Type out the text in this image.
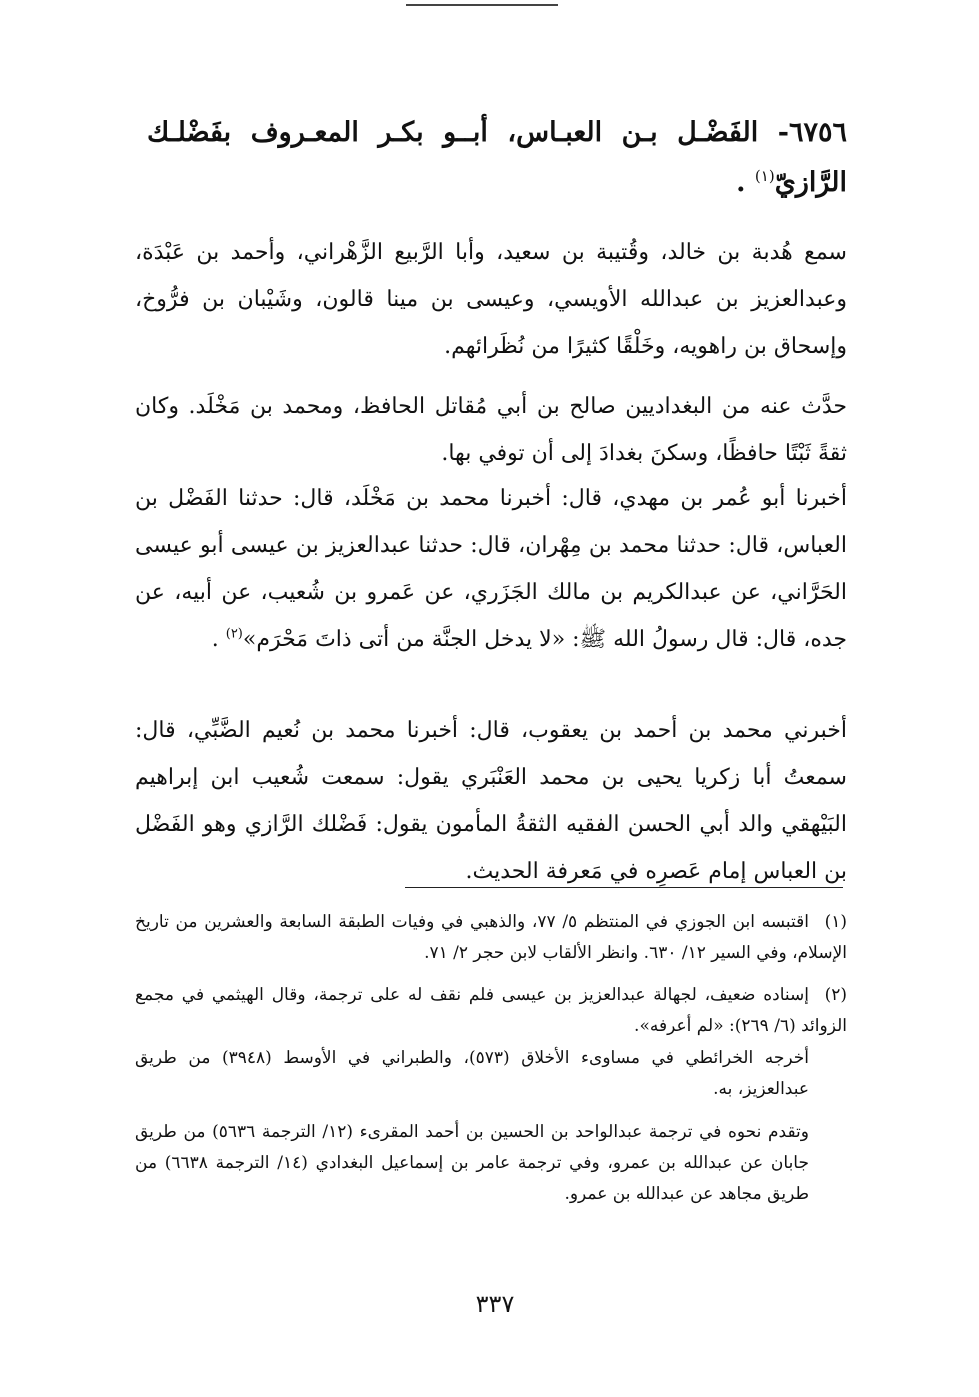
٦٧٥٦- الفَضْـل بـن العبـاس، أبــو بكـر المعـروف بفَضْلـك الرَّازيّ$^{(١)}$ .
سمع هُدبة بن خالد، وقُتيبة بن سعيد، وأبا الرَّبيع الزَّهْراني، وأحمد بن عَبْدَة، وعبدالعزيز بن عبدالله الأويسي، وعيسى بن مينا قالون، وشَيْبان بن فرُّوخ، وإسحاق بن راهويه، وخَلْقًا كثيرًا من نُظَرائهم.
حدَّث عنه من البغداديين صالح بن أبي مُقاتل الحافظ، ومحمد بن مَخْلَد. وكان ثقةً ثَبْتًا حافظًا، وسكنَ بغدادَ إلى أن توفي بها.
أخبرنا أبو عُمر بن مهدي، قال: أخبرنا محمد بن مَخْلَد، قال: حدثنا الفَضْل بن العباس، قال: حدثنا محمد بن مِهْران، قال: حدثنا عبدالعزيز بن عيسى أبو عيسى الحَرَّاني، عن عبدالكريم بن مالك الجَزَري، عن عَمرو بن شُعيب، عن أبيه، عن جده، قال: قال رسولُ الله ﷺ: «لا يدخل الجنَّة من أتى ذاتَ مَحْرَم»$^{(٢)}$ .
أخبرني محمد بن أحمد بن يعقوب، قال: أخبرنا محمد بن نُعيم الضَّبِّي، قال: سمعتُ أبا زكريا يحيى بن محمد العَنْبَري يقول: سمعت شُعيب ابن إبراهيم البَيْهقي والد أبي الحسن الفقيه الثقةُ المأمون يقول: فَضْلك الرَّازي وهو الفَضْل بن العباس إمام عَصرِه في مَعرفة الحديث.
(١)اقتبسه ابن الجوزي في المنتظم ٥/ ٧٧، والذهبي في وفيات الطبقة السابعة والعشرين من تاريخ الإسلام، وفي السير ١٢/ ٦٣٠. وانظر الألقاب لابن حجر ٢/ ٧١.
(٢)إسناده ضعيف، لجهالة عبدالعزيز بن عيسى فلم نقف له على ترجمة، وقال الهيثمي في مجمع الزوائد (٦/ ٢٦٩): «لم أعرفه».
أخرجه الخرائطي في مساوىء الأخلاق (٥٧٣)، والطبراني في الأوسط (٣٩٤٨) من طريق عبدالعزيز، به.
وتقدم نحوه في ترجمة عبدالواحد بن الحسين بن أحمد المقرىء (١٢/ الترجمة ٥٦٣٦) من طريق جابان عن عبدالله بن عمرو، وفي ترجمة عامر بن إسماعيل البغدادي (١٤/ الترجمة ٦٦٣٨) من طريق مجاهد عن عبدالله بن عمرو.
٣٣٧
